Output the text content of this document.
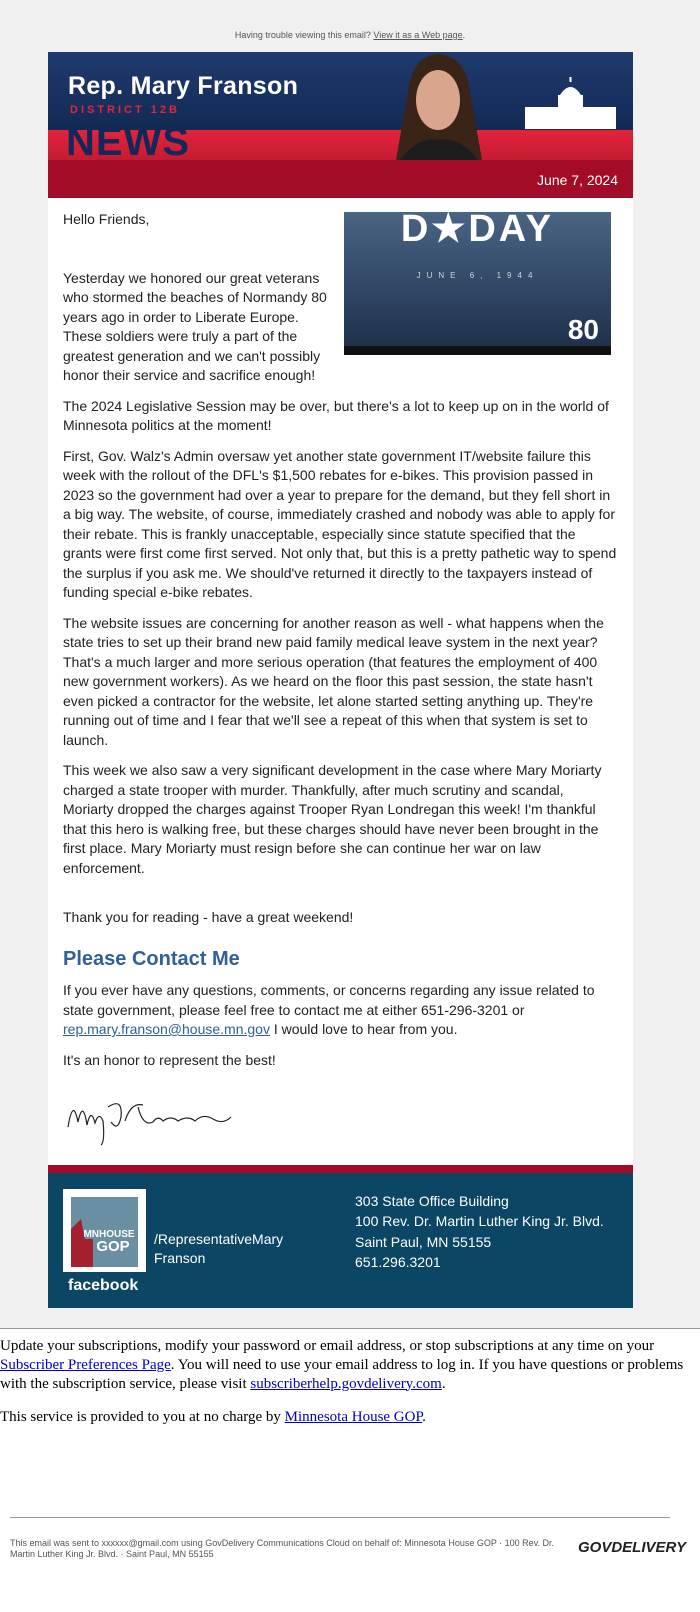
Having trouble viewing this email? View it as a Web page.
Rep. Mary Franson
DISTRICT 12B
NEWS
June 7, 2024
D★DAY
JUNE 6, 1944
80

Hello Friends,

Yesterday we honored our great veterans who stormed the beaches of Normandy 80 years ago in order to Liberate Europe. These soldiers were truly a part of the greatest generation and we can't possibly honor their service and sacrifice enough!

The 2024 Legislative Session may be over, but there's a lot to keep up on in the world of Minnesota politics at the moment!

First, Gov. Walz's Admin oversaw yet another state government IT/website failure this week with the rollout of the DFL's $1,500 rebates for e-bikes. This provision passed in 2023 so the government had over a year to prepare for the demand, but they fell short in a big way. The website, of course, immediately crashed and nobody was able to apply for their rebate. This is frankly unacceptable, especially since statute specified that the grants were first come first served. Not only that, but this is a pretty pathetic way to spend the surplus if you ask me. We should've returned it directly to the taxpayers instead of funding special e-bike rebates.

The website issues are concerning for another reason as well - what happens when the state tries to set up their brand new paid family medical leave system in the next year? That's a much larger and more serious operation (that features the employment of 400 new government workers). As we heard on the floor this past session, the state hasn't even picked a contractor for the website, let alone started setting anything up. They're running out of time and I fear that we'll see a repeat of this when that system is set to launch.

This week we also saw a very significant development in the case where Mary Moriarty charged a state trooper with murder. Thankfully, after much scrutiny and scandal, Moriarty dropped the charges against Trooper Ryan Londregan this week! I'm thankful that this hero is walking free, but these charges should have never been brought in the first place. Mary Moriarty must resign before she can continue her war on law enforcement.

Thank you for reading - have a great weekend!

Please Contact Me

If you ever have any questions, comments, or concerns regarding any issue related to state government, please feel free to contact me at either 651-296-3201 or rep.mary.franson@house.mn.gov I would love to hear from you.

It's an honor to represent the best!

MNHOUSE
GOP
facebook
/RepresentativeMary Franson
303 State Office Building
100 Rev. Dr. Martin Luther King Jr. Blvd.
Saint Paul, MN 55155
651.296.3201

Update your subscriptions, modify your password or email address, or stop subscriptions at any time on your Subscriber Preferences Page. You will need to use your email address to log in. If you have questions or problems with the subscription service, please visit subscriberhelp.govdelivery.com.

This service is provided to you at no charge by Minnesota House GOP.

This email was sent to xxxxxx@gmail.com using GovDelivery Communications Cloud on behalf of: Minnesota House GOP · 100 Rev. Dr. Martin Luther King Jr. Blvd. · Saint Paul, MN 55155	GOVDELIVERY
